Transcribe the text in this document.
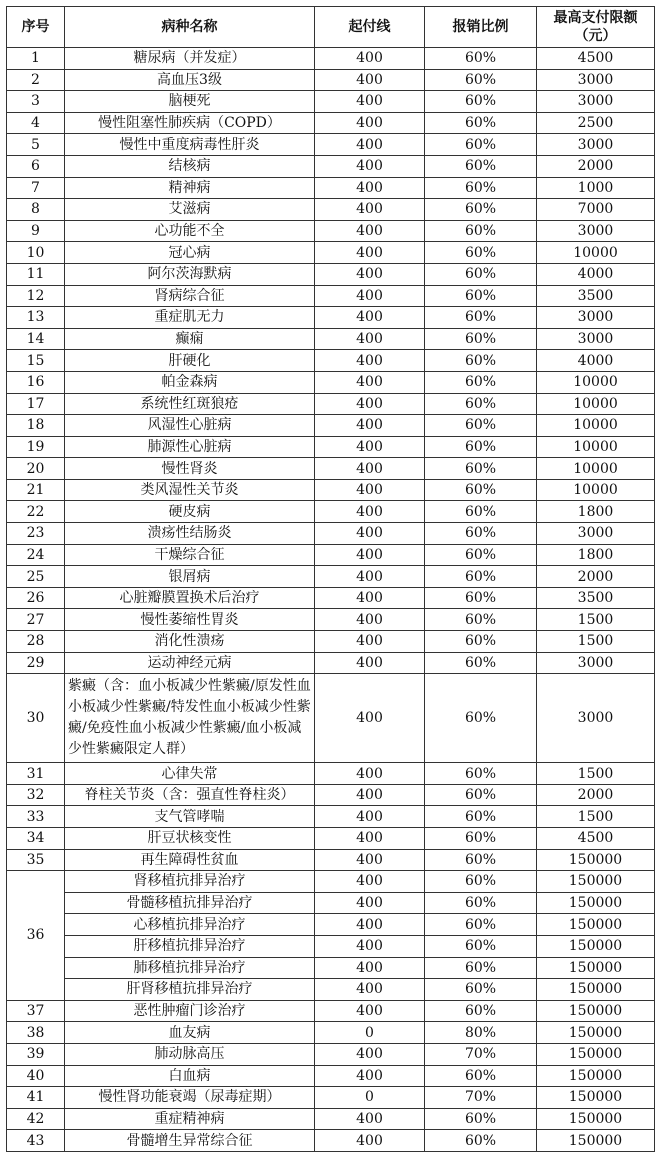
序号	病种名称	起付线	报销比例	最高支付限额（元）
1	糖尿病（并发症）	400	60%	4500
2	高血压3级	400	60%	3000
3	脑梗死	400	60%	3000
4	慢性阻塞性肺疾病（COPD）	400	60%	2500
5	慢性中重度病毒性肝炎	400	60%	3000
6	结核病	400	60%	2000
7	精神病	400	60%	1000
8	艾滋病	400	60%	7000
9	心功能不全	400	60%	3000
10	冠心病	400	60%	10000
11	阿尔茨海默病	400	60%	4000
12	肾病综合征	400	60%	3500
13	重症肌无力	400	60%	3000
14	癫痫	400	60%	3000
15	肝硬化	400	60%	4000
16	帕金森病	400	60%	10000
17	系统性红斑狼疮	400	60%	10000
18	风湿性心脏病	400	60%	10000
19	肺源性心脏病	400	60%	10000
20	慢性肾炎	400	60%	10000
21	类风湿性关节炎	400	60%	10000
22	硬皮病	400	60%	1800
23	溃疡性结肠炎	400	60%	3000
24	干燥综合征	400	60%	1800
25	银屑病	400	60%	2000
26	心脏瓣膜置换术后治疗	400	60%	3500
27	慢性萎缩性胃炎	400	60%	1500
28	消化性溃疡	400	60%	1500
29	运动神经元病	400	60%	3000
30	紫癜（含：血小板减少性紫癜/原发性血小板减少性紫癜/特发性血小板减少性紫癜/免疫性血小板减少性紫癜/血小板减少性紫癜限定人群）	400	60%	3000
31	心律失常	400	60%	1500
32	脊柱关节炎（含：强直性脊柱炎）	400	60%	2000
33	支气管哮喘	400	60%	1500
34	肝豆状核变性	400	60%	4500
35	再生障碍性贫血	400	60%	150000
36	肾移植抗排异治疗	400	60%	150000
	骨髓移植抗排异治疗	400	60%	150000
	心移植抗排异治疗	400	60%	150000
	肝移植抗排异治疗	400	60%	150000
	肺移植抗排异治疗	400	60%	150000
	肝肾移植抗排异治疗	400	60%	150000
37	恶性肿瘤门诊治疗	400	60%	150000
38	血友病	0	80%	150000
39	肺动脉高压	400	70%	150000
40	白血病	400	60%	150000
41	慢性肾功能衰竭（尿毒症期）	0	70%	150000
42	重症精神病	400	60%	150000
43	骨髓增生异常综合征	400	60%	150000
